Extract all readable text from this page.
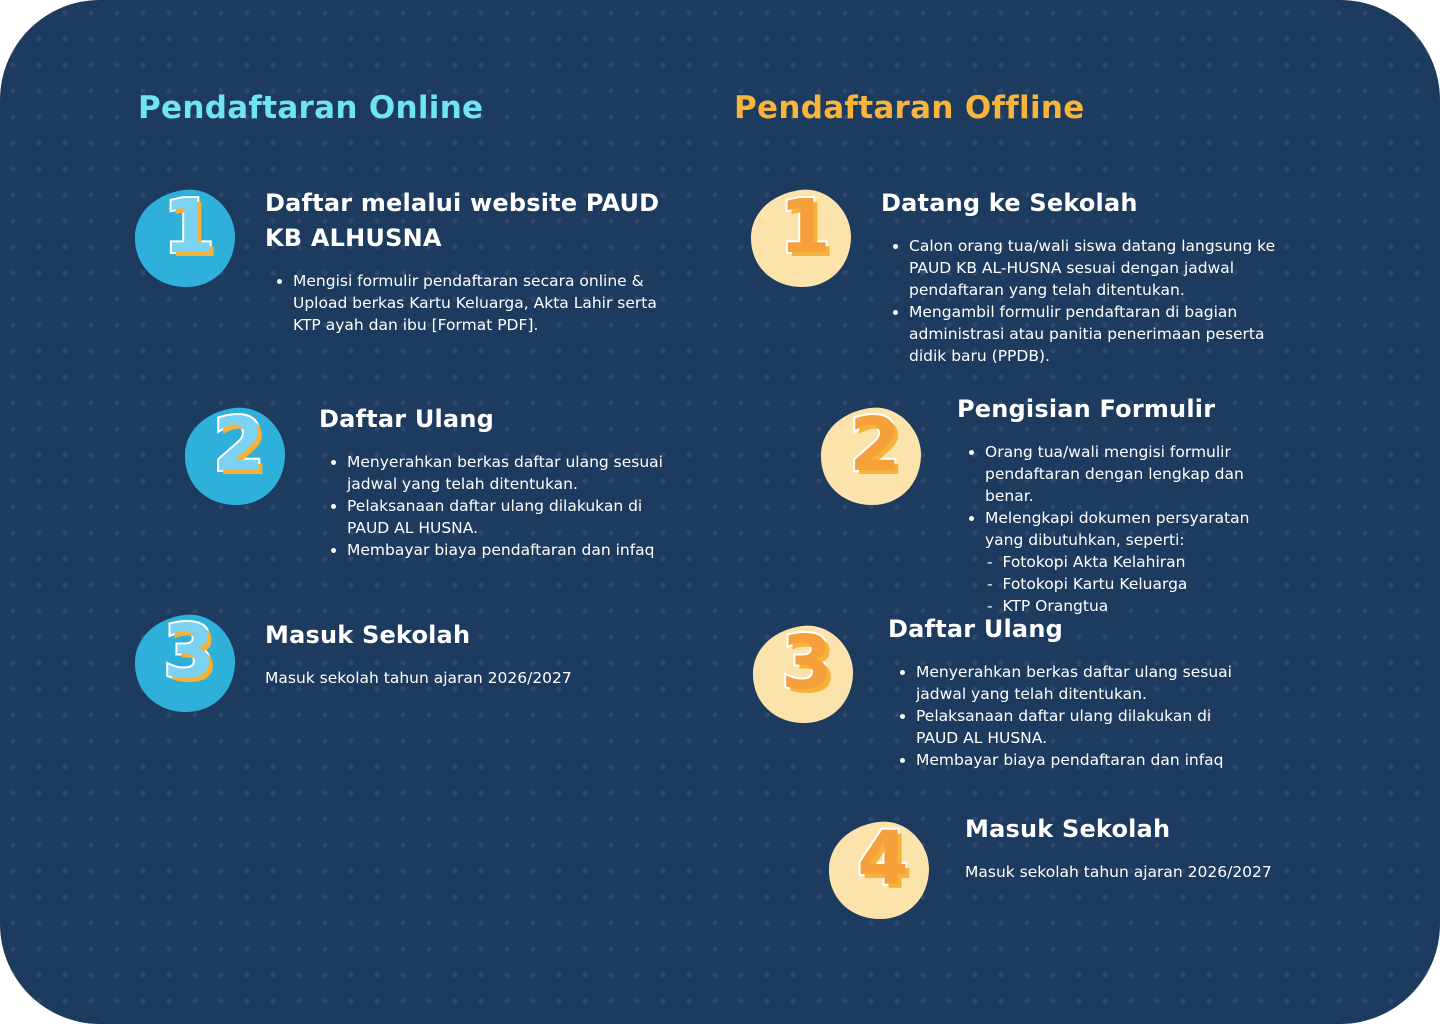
Pendaftaran Online	Pendaftaran Offline
1	Daftar melalui website PAUD KB ALHUSNA
• Mengisi formulir pendaftaran secara online & Upload berkas Kartu Keluarga, Akta Lahir serta KTP ayah dan ibu [Format PDF].
2	Daftar Ulang
• Menyerahkan berkas daftar ulang sesuai jadwal yang telah ditentukan.
• Pelaksanaan daftar ulang dilakukan di PAUD AL HUSNA.
• Membayar biaya pendaftaran dan infaq
3	Masuk Sekolah

Masuk sekolah tahun ajaran 2026/2027

1	Datang ke Sekolah
• Calon orang tua/wali siswa datang langsung ke PAUD KB AL-HUSNA sesuai dengan jadwal pendaftaran yang telah ditentukan.
• Mengambil formulir pendaftaran di bagian administrasi atau panitia penerimaan peserta didik baru (PPDB).
2	Pengisian Formulir
• Orang tua/wali mengisi formulir pendaftaran dengan lengkap dan benar.
• Melengkapi dokumen persyaratan yang dibutuhkan, seperti:
- Fotokopi Akta Kelahiran
- Fotokopi Kartu Keluarga
- KTP Orangtua
3	Daftar Ulang
• Menyerahkan berkas daftar ulang sesuai jadwal yang telah ditentukan.
• Pelaksanaan daftar ulang dilakukan di PAUD AL HUSNA.
• Membayar biaya pendaftaran dan infaq
4	Masuk Sekolah

Masuk sekolah tahun ajaran 2026/2027
